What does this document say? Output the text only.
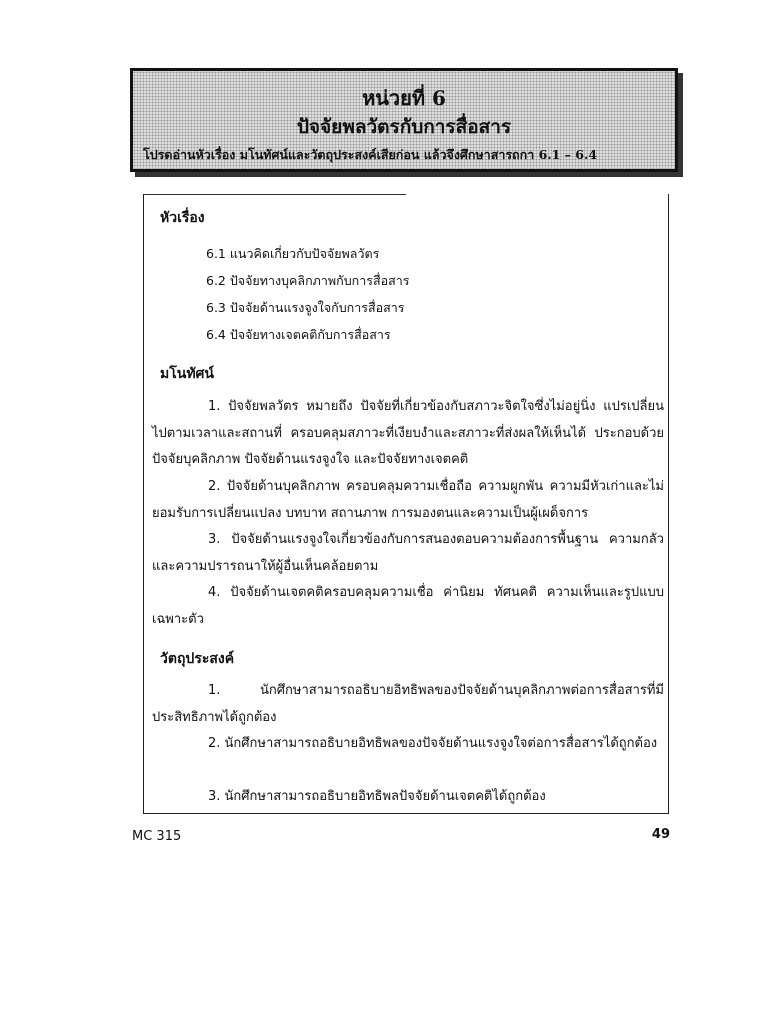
หน่วยที่ 6
ปัจจัยพลวัตรกับการสื่อสาร
โปรดอ่านหัวเรื่อง มโนทัศน์และวัตถุประสงค์เสียก่อน แล้วจึงศึกษาสารถกา 6.1 – 6.4
หัวเรื่อง
6.1 แนวคิดเกี่ยวกับปัจจัยพลวัตร
6.2 ปัจจัยทางบุคลิกภาพกับการสื่อสาร
6.3 ปัจจัยด้านแรงจูงใจกับการสื่อสาร
6.4 ปัจจัยทางเจตคติกับการสื่อสาร
มโนทัศน์

1. ปัจจัยพลวัตร หมายถึง ปัจจัยที่เกี่ยวข้องกับสภาวะจิตใจซึ่งไม่อยู่นิ่ง แปรเปลี่ยนไปตามเวลาและสถานที่ ครอบคลุมสภาวะที่เงียบงำและสภาวะที่ส่งผลให้เห็นได้ ประกอบด้วยปัจจัยบุคลิกภาพ ปัจจัยด้านแรงจูงใจ และปัจจัยทางเจตคติ

2. ปัจจัยด้านบุคลิกภาพ ครอบคลุมความเชื่อถือ ความผูกพัน ความมีหัวเก่าและไม่ยอมรับการเปลี่ยนแปลง บทบาท สถานภาพ การมองตนและความเป็นผู้เผด็จการ

3. ปัจจัยด้านแรงจูงใจเกี่ยวข้องกับการสนองตอบความต้องการพื้นฐาน ความกลัวและความปรารถนาให้ผู้อื่นเห็นคล้อยตาม

4. ปัจจัยด้านเจตคติครอบคลุมความเชื่อ ค่านิยม ทัศนคติ ความเห็นและรูปแบบเฉพาะตัว

วัตถุประสงค์

1. นักศึกษาสามารถอธิบายอิทธิพลของปัจจัยด้านบุคลิกภาพต่อการสื่อสารที่มีประสิทธิภาพได้ถูกต้อง

2. นักศึกษาสามารถอธิบายอิทธิพลของปัจจัยด้านแรงจูงใจต่อการสื่อสารได้ถูกต้อง

3. นักศึกษาสามารถอธิบายอิทธิพลปัจจัยด้านเจตคติได้ถูกต้อง

MC 315	49
